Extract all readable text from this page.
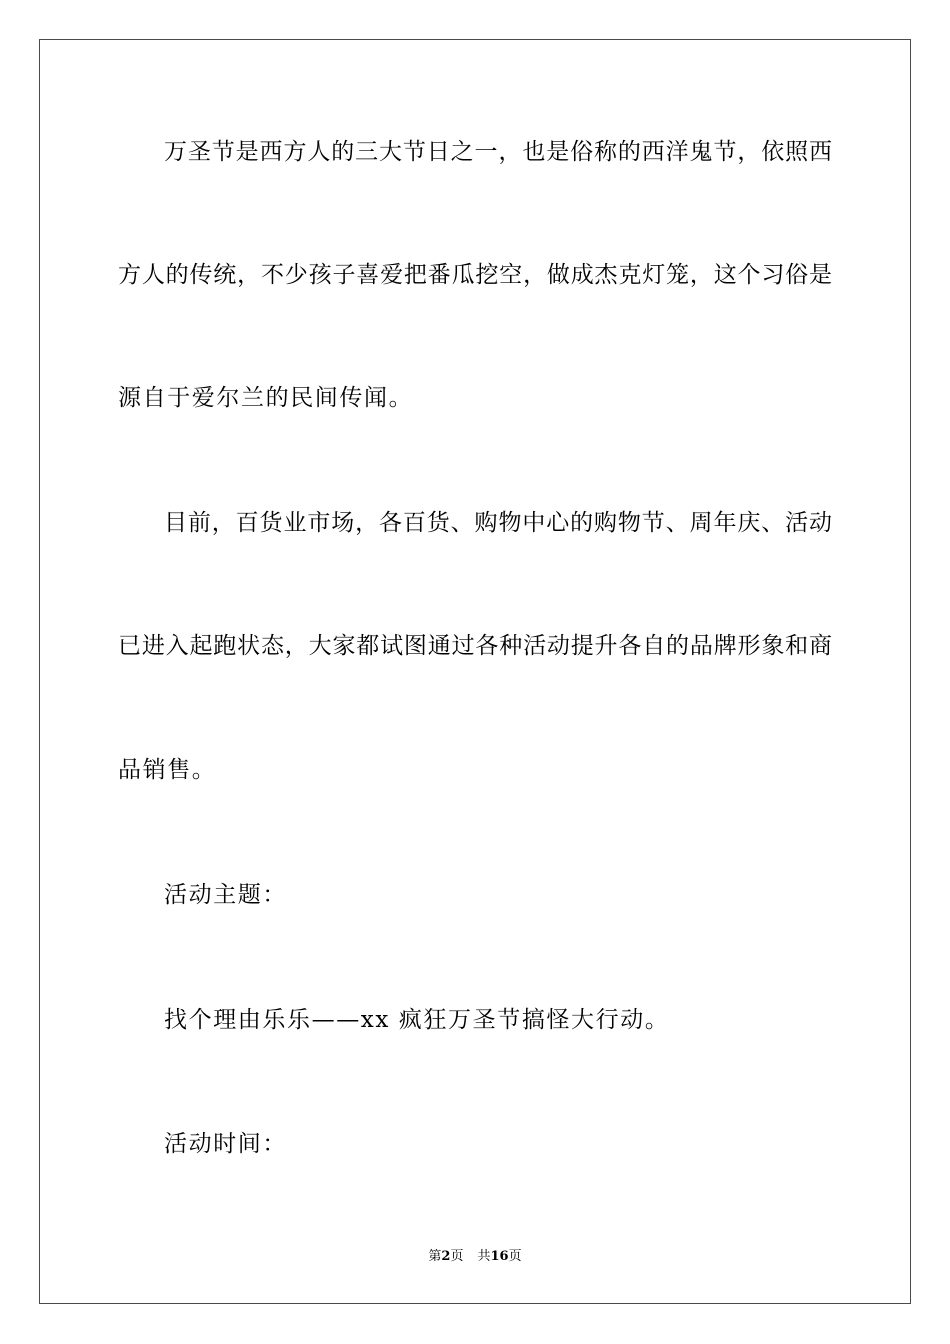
万圣节是西方人的三大节日之一，也是俗称的西洋鬼节，依照西
方人的传统，不少孩子喜爱把番瓜挖空，做成杰克灯笼，这个习俗是
源自于爱尔兰的民间传闻。
目前，百货业市场，各百货、购物中心的购物节、周年庆、活动
已进入起跑状态，大家都试图通过各种活动提升各自的品牌形象和商
品销售。
活动主题：
找个理由乐乐——xx 疯狂万圣节搞怪大行动。
活动时间：
第2页 共16页
